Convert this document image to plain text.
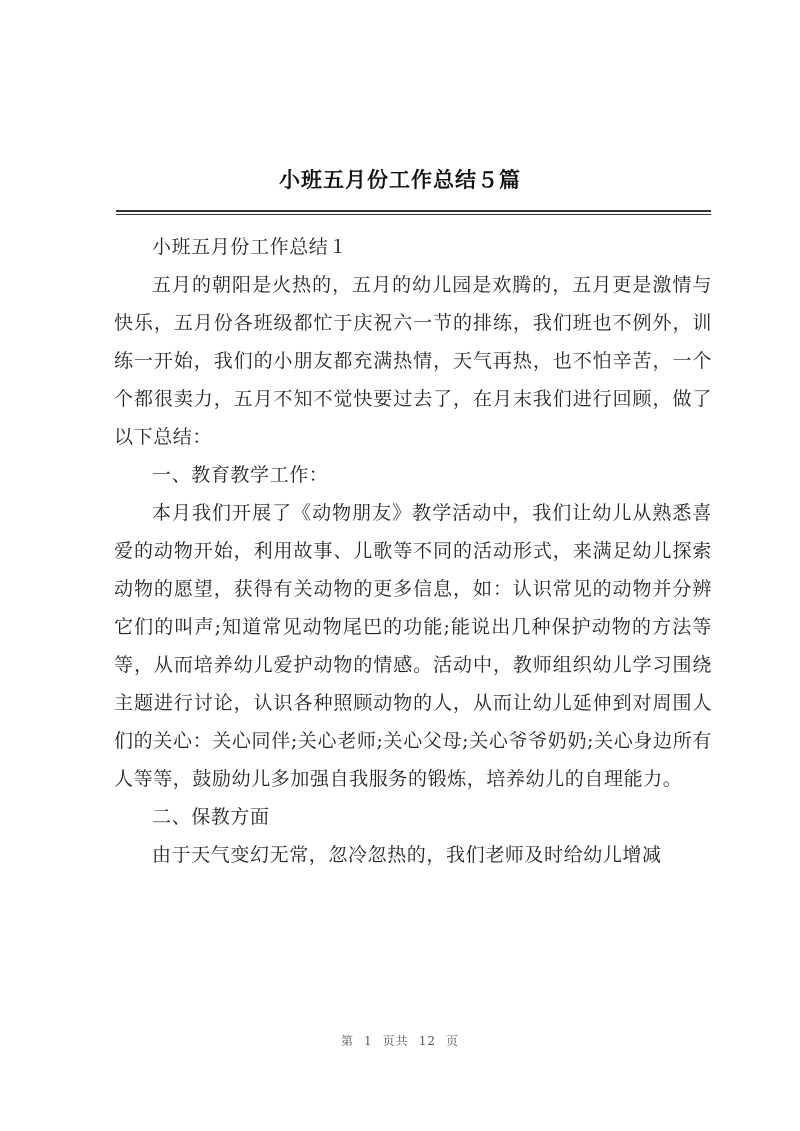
小班五月份工作总结５篇

小班五月份工作总结１

五月的朝阳是火热的，五月的幼儿园是欢腾的，五月更是激情与快乐，五月份各班级都忙于庆祝六一节的排练，我们班也不例外，训练一开始，我们的小朋友都充满热情，天气再热，也不怕辛苦，一个个都很卖力，五月不知不觉快要过去了，在月末我们进行回顾，做了以下总结：

一、教育教学工作：

本月我们开展了《动物朋友》教学活动中，我们让幼儿从熟悉喜爱的动物开始，利用故事、儿歌等不同的活动形式，来满足幼儿探索动物的愿望，获得有关动物的更多信息，如：认识常见的动物并分辨它们的叫声;知道常见动物尾巴的功能;能说出几种保护动物的方法等等，从而培养幼儿爱护动物的情感。活动中，教师组织幼儿学习围绕主题进行讨论，认识各种照顾动物的人，从而让幼儿延伸到对周围人们的关心：关心同伴;关心老师;关心父母;关心爷爷奶奶;关心身边所有人等等，鼓励幼儿多加强自我服务的锻炼，培养幼儿的自理能力。

二、保教方面

由于天气变幻无常，忽冷忽热的，我们老师及时给幼儿增减

第 1 页共 12 页
